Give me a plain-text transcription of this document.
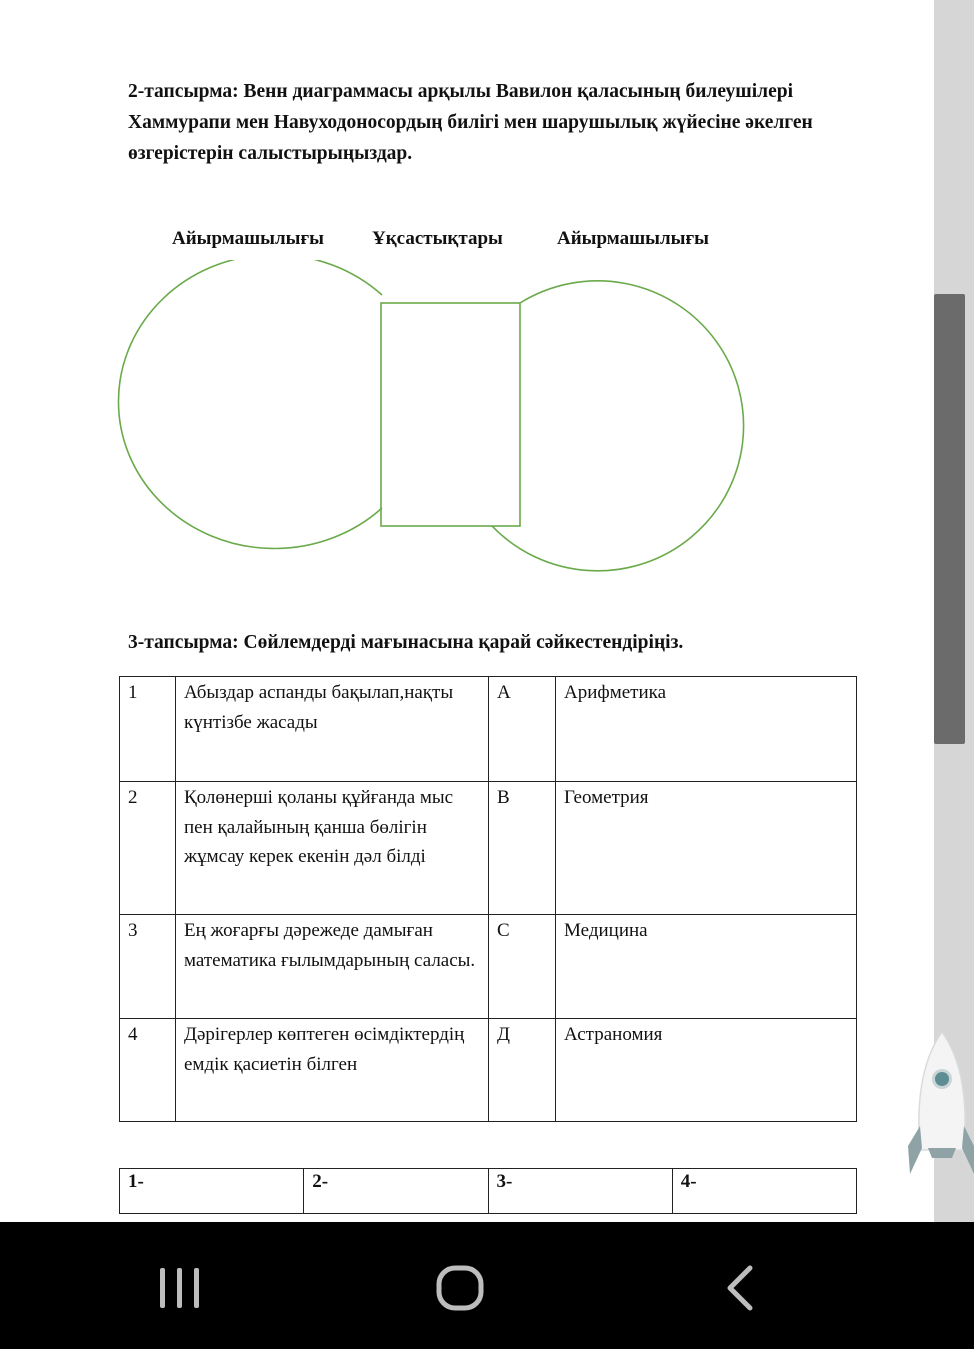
2-тапсырма: Венн диаграммасы арқылы Вавилон қаласының билеушілері Хаммурапи мен Навуходоносордың билігі мен шарушылық жүйесіне әкелген өзгерістерін салыстырыңыздар.
Айырмашылығы	Ұқсастықтары	Айырмашылығы
3-тапсырма: Сөйлемдерді мағынасына қарай сәйкестендіріңіз.
1	Абыздар аспанды бақылап,нақты күнтізбе жасады	А	Арифметика
2	Қолөнерші қоланы құйғанда мыс пен қалайының қанша бөлігін жұмсау керек екенін дәл білді	В	Геометрия
3	Ең жоғарғы дәрежеде дамыған математика ғылымдарының саласы.	С	Медицина
4	Дәрігерлер көптеген өсімдіктердің емдік қасиетін білген	Д	Астраномия
1-	2-	3-	4-
